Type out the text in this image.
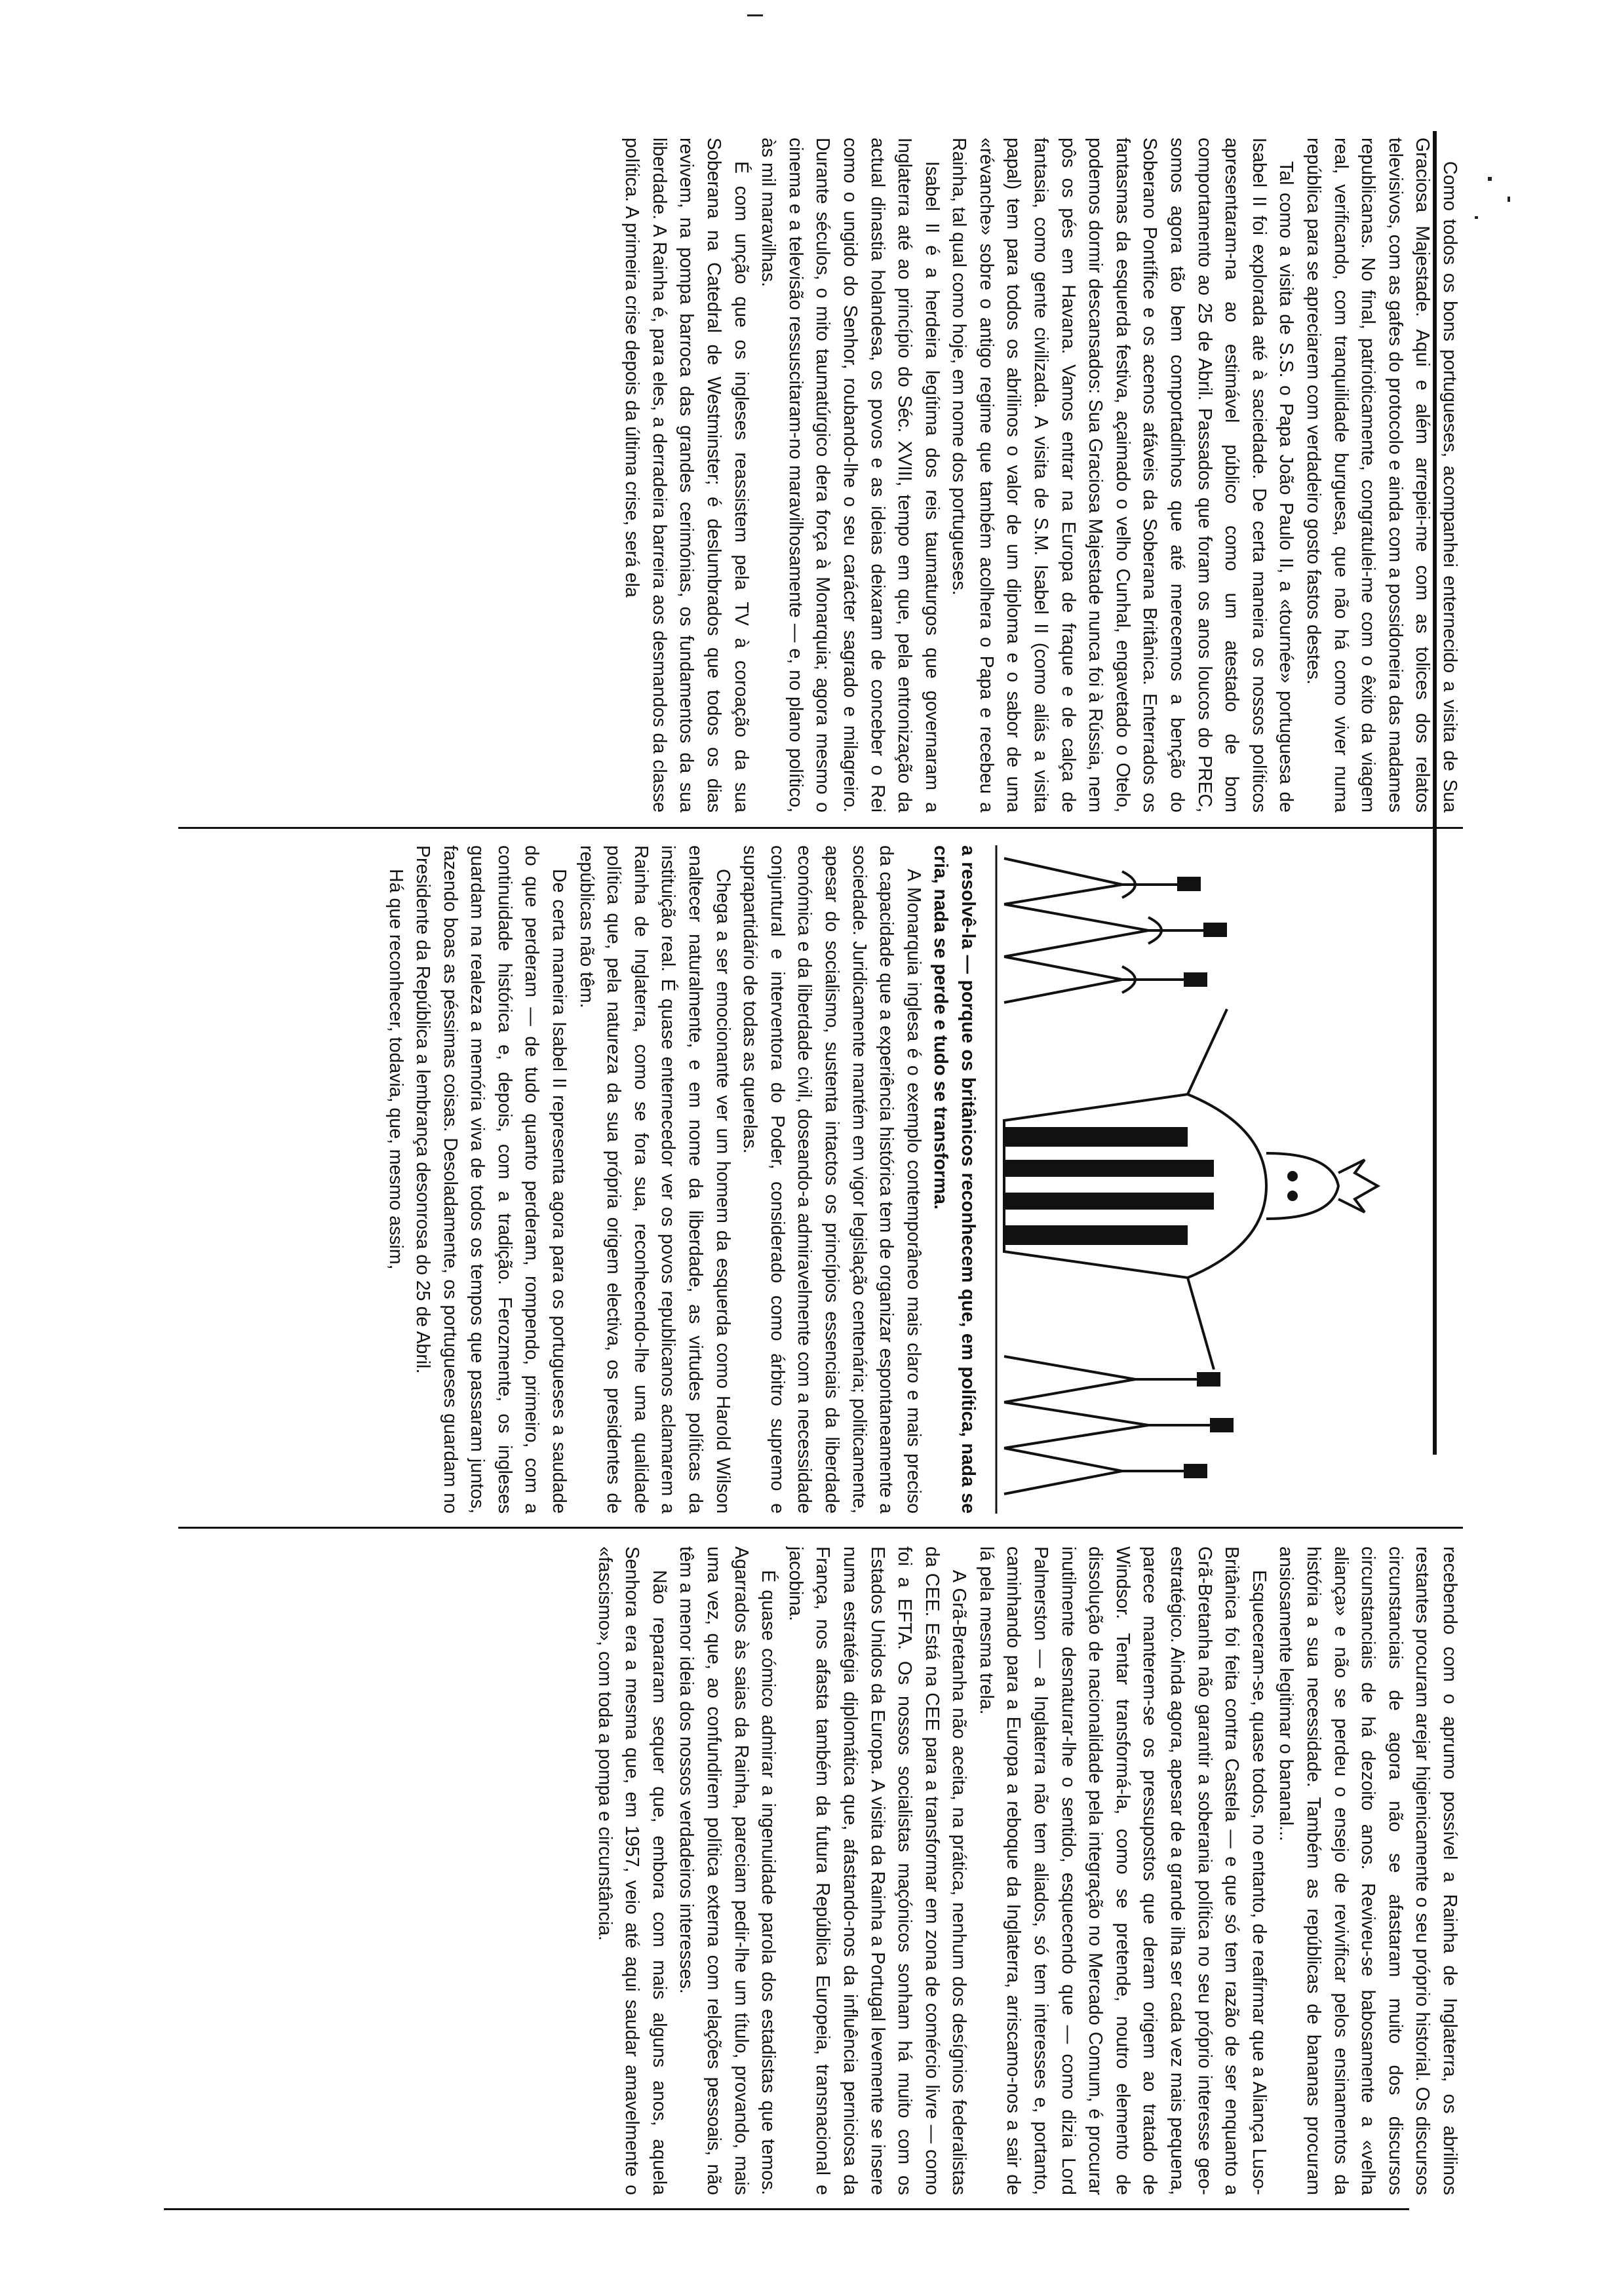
Como todos os bons portugueses, acompanhei enternecido a visita de Sua Graciosa Majestade. Aqui e além arrepiei-me com as tolices dos relatos televisivos, com as gafes do protocolo e ainda com a possidoneira das madames republicanas. No final, patrioticamente, congratulei-me com o êxito da viagem real, verificando, com tranquilidade burguesa, que não há como viver numa república para se apreciarem com verdadeiro gosto fastos destes.

Tal como a visita de S.S. o Papa João Paulo II, a «tournée» portuguesa de Isabel II foi explorada até à saciedade. De certa maneira os nossos políticos apresentaram-na ao estimável público como um atestado de bom comportamento ao 25 de Abril. Passados que foram os anos loucos do PREC, somos agora tão bem comportadinhos que até merecemos a benção do Soberano Pontífice e os acenos afáveis da Soberana Britânica. Enterrados os fantasmas da esquerda festiva, açaimado o velho Cunhal, engavetado o Otelo, podemos dormir descansados: Sua Graciosa Majestade nunca foi à Rússia, nem pôs os pés em Havana. Vamos entrar na Europa de fraque e de calça de fantasia, como gente civilizada. A visita de S.M. Isabel II (como aliás a visita papal) tem para todos os abrilinos o valor de um diploma e o sabor de uma «révanche» sobre o antigo regime que também acolhera o Papa e recebeu a Rainha, tal qual como hoje, em nome dos portugueses.

Isabel II é a herdeira legítima dos reis taumaturgos que governaram a Inglaterra até ao princípio do Séc. XVIII, tempo em que, pela entronização da actual dinastia holandesa, os povos e as ideias deixaram de conceber o Rei como o ungido do Senhor, roubando-lhe o seu carácter sagrado e milagreiro. Durante séculos, o mito taumatúrgico dera força à Monarquia; agora mesmo o cinema e a televisão ressuscitaram-no maravilhosamente — e, no plano político, às mil maravilhas.

É com unção que os ingleses reassistem pela TV à coroação da sua Soberana na Catedral de Westminster; é deslumbrados que todos os dias revivem, na pompa barroca das grandes cerimónias, os fundamentos da sua liberdade. A Rainha é, para eles, a derradeira barreira aos desmandos da classe política. A primeira crise depois da última crise, será ela

a resolvê-la — porque os britânicos reconhecem que, em política, nada se cria, nada se perde e tudo se transforma.

A Monarquia inglesa é o exemplo contemporâneo mais claro e mais preciso da capacidade que a experiência histórica tem de organizar espontaneamente a sociedade. Juridicamente mantém em vigor legislação centenária; politicamente, apesar do socialismo, sustenta intactos os princípios essenciais da liberdade económica e da liberdade civil, doseando-a admiravelmente com a necessidade conjuntural e interventora do Poder, considerado como árbitro supremo e suprapartidário de todas as querelas.

Chega a ser emocionante ver um homem da esquerda como Harold Wilson enaltecer naturalmente, e em nome da liberdade, as virtudes políticas da instituição real. É quase enternecedor ver os povos republicanos aclamarem a Rainha de Inglaterra, como se fora sua, reconhecendo-lhe uma qualidade política que, pela natureza da sua própria origem electiva, os presidentes de repúblicas não têm.

De certa maneira Isabel II representa agora para os portugueses a saudade do que perderam — de tudo quanto perderam, rompendo, primeiro, com a continuidade histórica e, depois, com a tradição. Ferozmente, os ingleses guardam na realeza a memória viva de todos os tempos que passaram juntos, fazendo boas as péssimas coisas. Desoladamente, os portugueses guardam no Presidente da República a lembrança desonrosa do 25 de Abril.

Há que reconhecer, todavia, que, mesmo assim,

recebendo com o aprumo possível a Rainha de Inglaterra, os abrilinos restantes procuram arejar higienicamente o seu próprio historial. Os discursos circunstanciais de agora não se afastaram muito dos discursos circunstanciais de há dezoito anos. Reviveu-se babosamente a «velha aliança» e não se perdeu o ensejo de revivificar pelos ensinamentos da história a sua necessidade. Também as repúblicas de bananas procuram ansiosamente legitimar o bananal...

Esqueceram-se, quase todos, no entanto, de reafirmar que a Aliança Luso-Britânica foi feita contra Castela — e que só tem razão de ser enquanto a Grã-Bretanha não garantir a soberania política no seu próprio interesse geo-estratégico. Ainda agora, apesar de a grande ilha ser cada vez mais pequena, parece manterem-se os pressupostos que deram origem ao tratado de Windsor. Tentar transformá-la, como se pretende, noutro elemento de dissolução de nacionalidade pela integração no Mercado Comum, é procurar inutilmente desnaturar-lhe o sentido, esquecendo que — como dizia Lord Palmerston — a Inglaterra não tem aliados, só tem interesses e, portanto, caminhando para a Europa a reboque da Inglaterra, arriscamo-nos a sair de lá pela mesma trela.

A Grã-Bretanha não aceita, na prática, nenhum dos desígnios federalistas da CEE. Está na CEE para a transformar em zona de comércio livre — como foi a EFTA. Os nossos socialistas maçónicos sonham há muito com os Estados Unidos da Europa. A visita da Rainha a Portugal levemente se insere numa estratégia diplomática que, afastando-nos da influência perniciosa da França, nos afasta também da futura República Europeia, transnacional e jacobina.

É quase cómico admirar a ingenuidade parola dos estadistas que temos. Agarrados às saias da Rainha, pareciam pedir-lhe um título, provando, mais uma vez, que, ao confundirem política externa com relações pessoais, não têm a menor ideia dos nossos verdadeiros interesses.

Não repararam sequer que, embora com mais alguns anos, aquela Senhora era a mesma que, em 1957, veio até aqui saudar amavelmente o «fascismo», com toda a pompa e circunstância.
